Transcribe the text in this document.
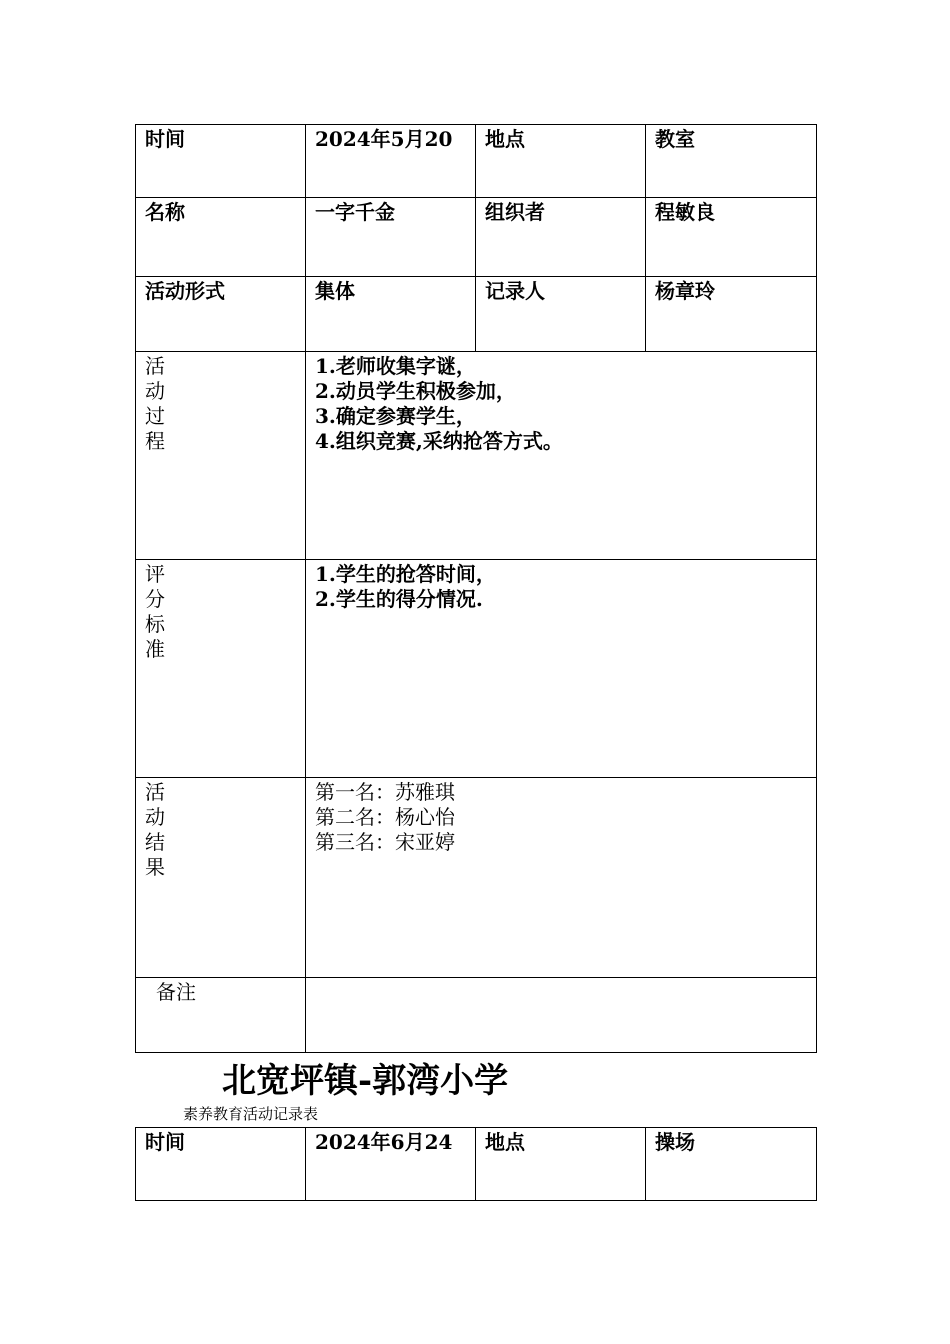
时间	2024年5月20	地点	教室
名称	一字千金	组织者	程敏良
活动形式	集体	记录人	杨章玲

活
动
过
程	1.老师收集字谜，
2.动员学生积极参加，
3.确定参赛学生，
4.组织竞赛,采纳抢答方式。		

评
分
标
准	1.学生的抢答时间，
2.学生的得分情况.		

活
动
结
果	第一名：苏雅琪
第二名：杨心怡
第三名：宋亚婷		

备注			
北宽坪镇-郭湾小学
素养教育活动记录表
时间	2024年6月24	地点	操场
